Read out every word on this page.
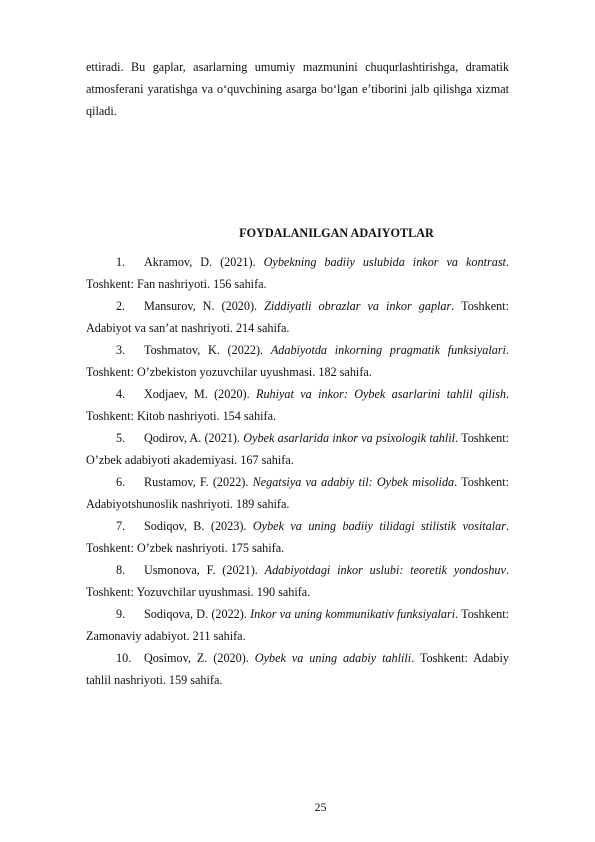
ettiradi. Bu gaplar, asarlarning umumiy mazmunini chuqurlashtirishga, dramatik atmosferani yaratishga va o‘quvchining asarga bo‘lgan e’tiborini jalb qilishga xizmat qiladi.

FOYDALANILGAN ADAIYOTLAR
1. Akramov, D. (2021). Oybekning badiiy uslubida inkor va kontrast. Toshkent: Fan nashriyoti. 156 sahifa.
2. Mansurov, N. (2020). Ziddiyatli obrazlar va inkor gaplar. Toshkent: Adabiyot va san’at nashriyoti. 214 sahifa.
3. Toshmatov, K. (2022). Adabiyotda inkorning pragmatik funksiyalari. Toshkent: O’zbekiston yozuvchilar uyushmasi. 182 sahifa.
4. Xodjaev, M. (2020). Ruhiyat va inkor: Oybek asarlarini tahlil qilish. Toshkent: Kitob nashriyoti. 154 sahifa.
5. Qodirov, A. (2021). Oybek asarlarida inkor va psixologik tahlil. Toshkent: O’zbek adabiyoti akademiyasi. 167 sahifa.
6. Rustamov, F. (2022). Negatsiya va adabiy til: Oybek misolida. Toshkent: Adabiyotshunoslik nashriyoti. 189 sahifa.
7. Sodiqov, B. (2023). Oybek va uning badiiy tilidagi stilistik vositalar. Toshkent: O’zbek nashriyoti. 175 sahifa.
8. Usmonova, F. (2021). Adabiyotdagi inkor uslubi: teoretik yondoshuv. Toshkent: Yozuvchilar uyushmasi. 190 sahifa.
9. Sodiqova, D. (2022). Inkor va uning kommunikativ funksiyalari. Toshkent: Zamonaviy adabiyot. 211 sahifa.
10. Qosimov, Z. (2020). Oybek va uning adabiy tahlili. Toshkent: Adabiy tahlil nashriyoti. 159 sahifa.
25
